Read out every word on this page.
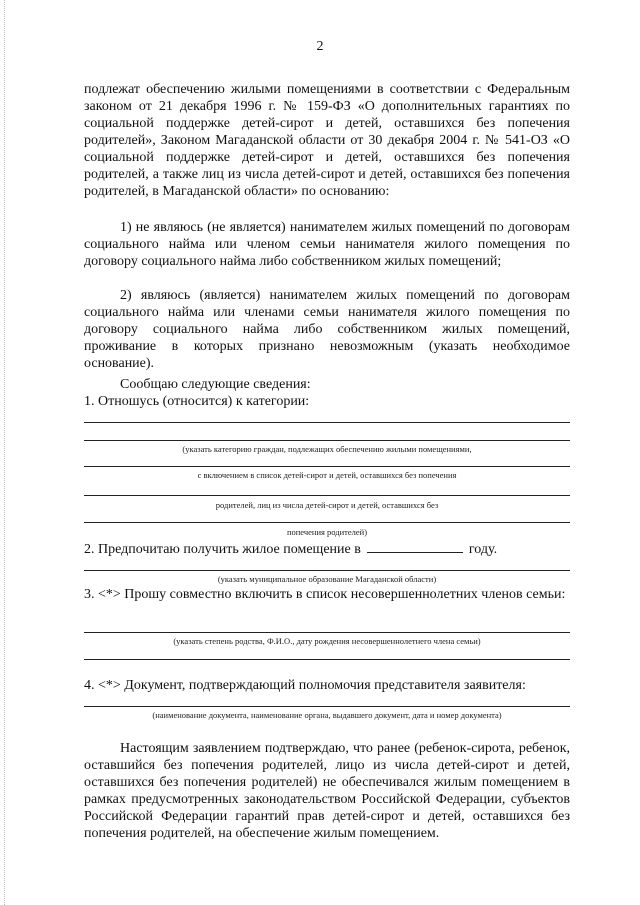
2

подлежат обеспечению жилыми помещениями в соответствии с Федеральным законом от 21 декабря 1996 г. № 159-ФЗ «О дополнительных гарантиях по социальной поддержке детей-сирот и детей, оставшихся без попечения родителей», Законом Магаданской области от 30 декабря 2004 г. № 541-ОЗ «О социальной поддержке детей-сирот и детей, оставшихся без попечения родителей, а также лиц из числа детей-сирот и детей, оставшихся без попечения родителей, в Магаданской области» по основанию:

1) не являюсь (не является) нанимателем жилых помещений по договорам социального найма или членом семьи нанимателя жилого помещения по договору социального найма либо собственником жилых помещений;

2) являюсь (является) нанимателем жилых помещений по договорам социального найма или членами семьи нанимателя жилого помещения по договору социального найма либо собственником жилых помещений, проживание в которых признано невозможным (указать необходимое основание).

Сообщаю следующие сведения:
1. Отношусь (относится) к категории:
(указать категорию граждан, подлежащих обеспечению жилыми помещениями,
с включением в список детей-сирот и детей, оставшихся без попечения
родителей, лиц из числа детей-сирот и детей, оставшихся без
попечения родителей)
2. Предпочитаю получить жилое помещение в	году.
(указать муниципальное образование Магаданской области)

3. <*> Прошу совместно включить в список несовершеннолетних членов семьи:

(указать степень родства, Ф.И.О., дату рождения несовершеннолетнего члена семьи)
4. <*> Документ, подтверждающий полномочия представителя заявителя:
(наименование документа, наименование органа, выдавшего документ, дата и номер документа)

Настоящим заявлением подтверждаю, что ранее (ребенок-сирота, ребенок, оставшийся без попечения родителей, лицо из числа детей-сирот и детей, оставшихся без попечения родителей) не обеспечивался жилым помещением в рамках предусмотренных законодательством Российской Федерации, субъектов Российской Федерации гарантий прав детей-сирот и детей, оставшихся без попечения родителей, на обеспечение жилым помещением.
